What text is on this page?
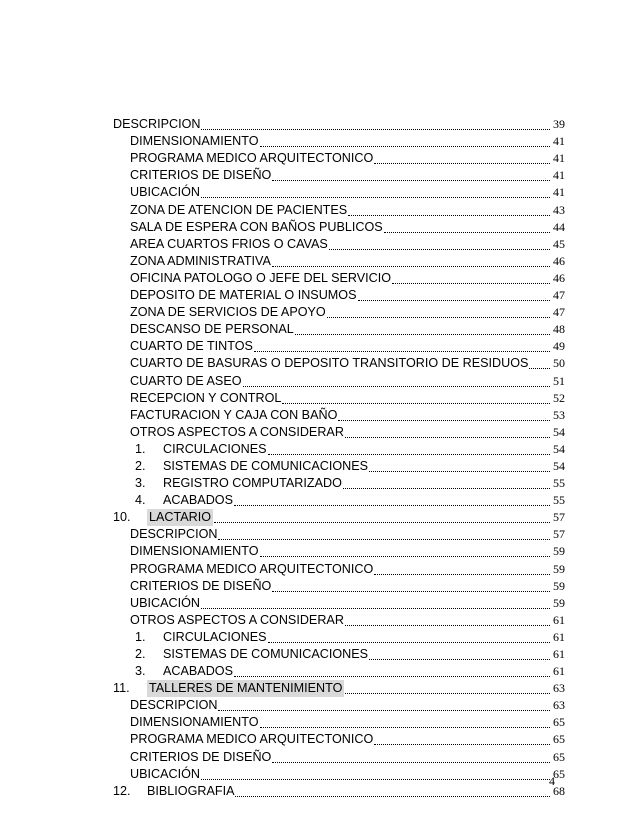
DESCRIPCION	39
DIMENSIONAMIENTO	41
PROGRAMA MEDICO ARQUITECTONICO	41
CRITERIOS DE DISEÑO	41
UBICACIÓN	41
ZONA DE ATENCION DE PACIENTES	43
SALA DE ESPERA CON BAÑOS PUBLICOS	44
AREA CUARTOS FRIOS O CAVAS	45
ZONA ADMINISTRATIVA	46
OFICINA PATOLOGO O JEFE DEL SERVICIO	46
DEPOSITO DE MATERIAL O INSUMOS	47
ZONA DE SERVICIOS DE APOYO	47
DESCANSO DE PERSONAL	48
CUARTO DE TINTOS	49
CUARTO DE BASURAS O DEPOSITO TRANSITORIO DE RESIDUOS 50
CUARTO DE ASEO	51
RECEPCION Y CONTROL	52
FACTURACION Y CAJA CON BAÑO	53
OTROS ASPECTOS A CONSIDERAR	54
1.	CIRCULACIONES	54
2.	SISTEMAS DE COMUNICACIONES	54
3.	REGISTRO COMPUTARIZADO	55
4.	ACABADOS	55
10.	LACTARIO	57
DESCRIPCION	57
DIMENSIONAMIENTO	59
PROGRAMA MEDICO ARQUITECTONICO	59
CRITERIOS DE DISEÑO	59
UBICACIÓN	59
OTROS ASPECTOS A CONSIDERAR	61
1.	CIRCULACIONES	61
2.	SISTEMAS DE COMUNICACIONES	61
3.	ACABADOS	61
11.	TALLERES DE MANTENIMIENTO	63
DESCRIPCION	63
DIMENSIONAMIENTO	65
PROGRAMA MEDICO ARQUITECTONICO	65
CRITERIOS DE DISEÑO	65
UBICACIÓN	65
12.	BIBLIOGRAFIA	68
4
